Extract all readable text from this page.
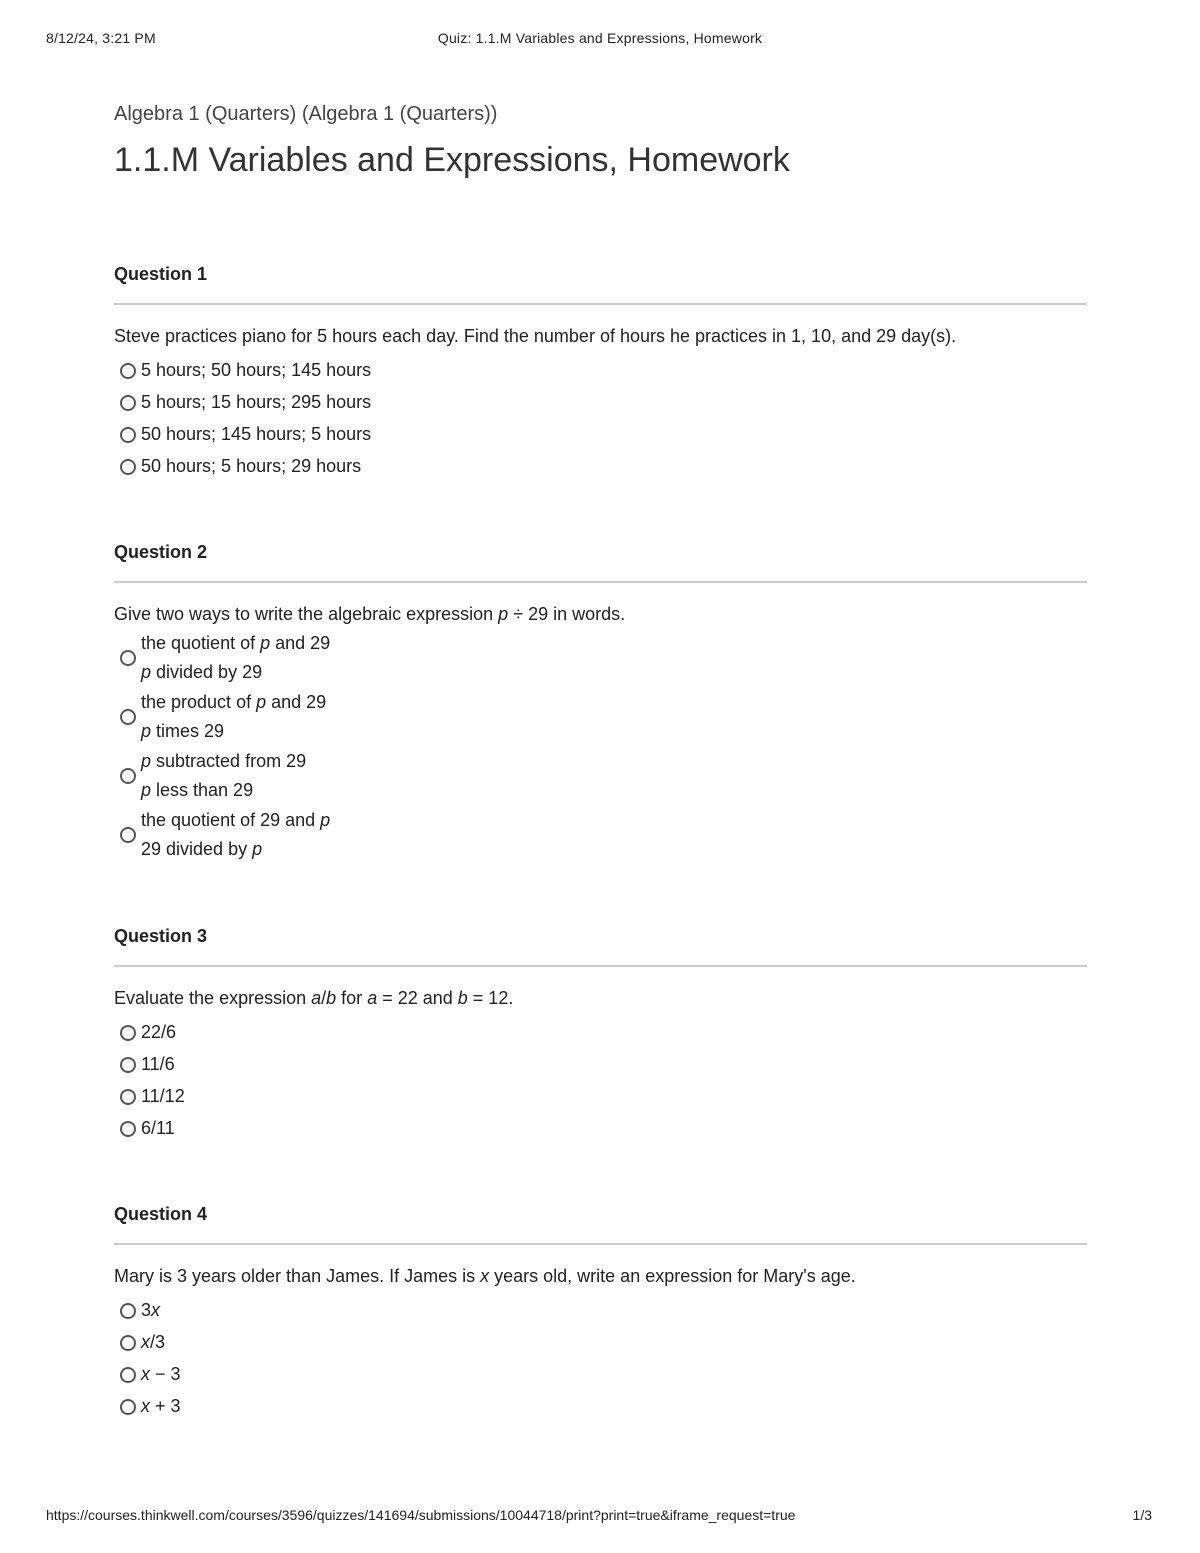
8/12/24, 3:21 PM	Quiz: 1.1.M Variables and Expressions, Homework

Algebra 1 (Quarters) (Algebra 1 (Quarters))

1.1.M Variables and Expressions, Homework
Question 1
Steve practices piano for 5 hours each day. Find the number of hours he practices in 1, 10, and 29 day(s).
5 hours; 50 hours; 145 hours
5 hours; 15 hours; 295 hours
50 hours; 145 hours; 5 hours
50 hours; 5 hours; 29 hours
Question 2
Give two ways to write the algebraic expression p ÷ 29 in words.
the quotient of p and 29
p divided by 29
the product of p and 29
p times 29
p subtracted from 29
p less than 29
the quotient of 29 and p
29 divided by p
Question 3
Evaluate the expression a/b for a = 22 and b = 12.
22/6
11/6
11/12
6/11
Question 4
Mary is 3 years older than James. If James is x years old, write an expression for Mary's age.
3x
x/3
x − 3
x + 3
https://courses.thinkwell.com/courses/3596/quizzes/141694/submissions/10044718/print?print=true&iframe_request=true	1/3
